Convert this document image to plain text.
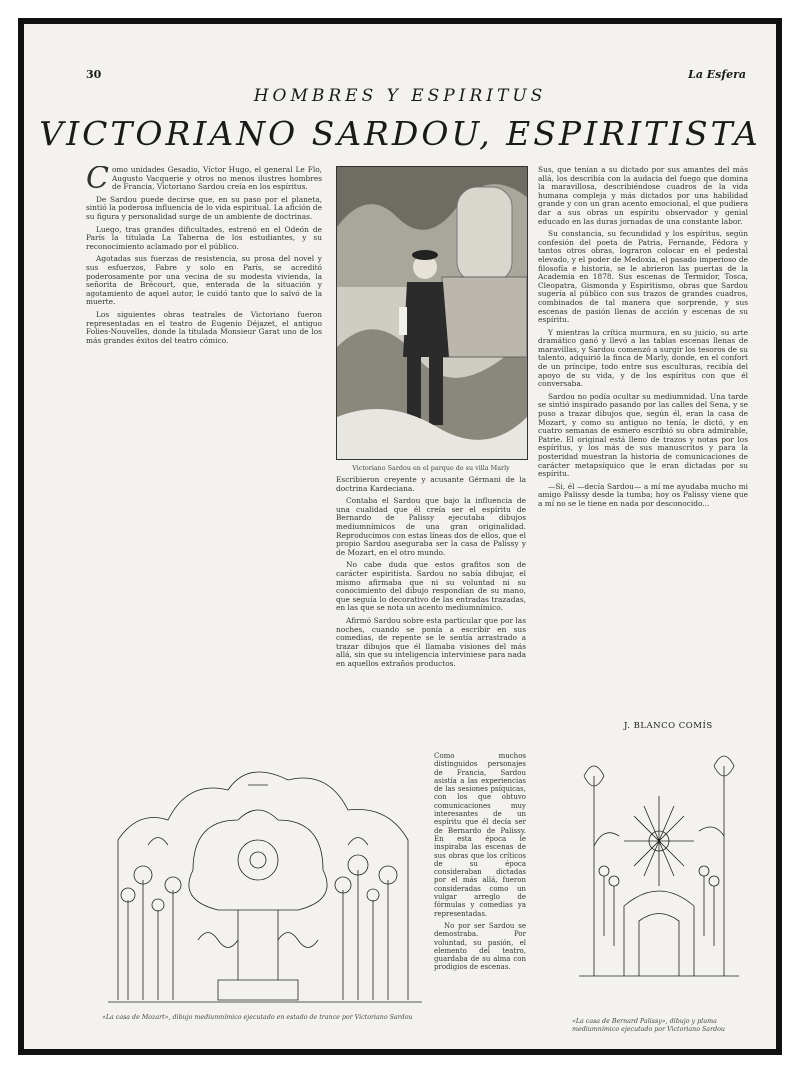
30	La Esfera
HOMBRES Y ESPIRITUS
VICTORIANO SARDOU, ESPIRITISTA

Como unidades Gesadio, Víctor Hugo, el general Le Flo, Augusto Vacquerie y otros no menos ilustres hombres de Francia, Victoriano Sardou creía en los espíritus.

De Sardou puede decirse que, en su paso por el planeta, sintió la poderosa influencia de lo vida espiritual. La afición de su figura y personalidad surge de un ambiente de doctrinas.

Luego, tras grandes dificultades, estrenó en el Odeón de París la titulada La Taberna de los estudiantes, y su reconocimiento aclamado por el público.

Agotadas sus fuerzas de resistencia, su prosa del novel y sus esfuerzos, Fabre y solo en París, se acreditó poderosamente por una vecina de su modesta vivienda, la señorita de Brécourt, que, enterada de la situación y agotamiento de aquel autor, le cuidó tanto que lo salvó de la muerte.

Los siguientes obras teatrales de Victoriano fueron representadas en el teatro de Eugenio Déjazet, el antiguo Folies-Nouvelles, donde la titulada Monsieur Garat uno de los más grandes éxitos del teatro cómico.

Victoriano Sardou en el parque de su villa Marly

Escribieron creyente y acusante Gérmani de la doctrina Kardeciana.

Contaba el Sardou que bajo la influencia de una cualidad que él creía ser el espíritu de Bernardo de Palissy ejecutaba dibujos mediumnímicos de una gran originalidad. Reproducimos con estas líneas dos de ellos, que el propio Sardou aseguraba ser la casa de Palissy y de Mozart, en el otro mundo.

No cabe duda que estos grafitos son de carácter espiritista. Sardou no sabía dibujar, el mismo afirmaba que ni su voluntad ni su conocimiento del dibujo respondían de su mano, que seguía lo decorativo de las entradas trazadas, en las que se nota un acento mediumnímico.

Afirmó Sardou sobre esta particular que por las noches, cuando se ponía a escribir en sus comedias, de repente se le sentía arrastrado a trazar dibujos que él llamaba visiones del más allá, sin que su inteligencia interviniese para nada en aquellos extraños productos.

Como muchos distinguidos personajes de Francia, Sardou asistía a las experiencias de las sesiones psíquicas, con los que obtuvo comunicaciones muy interesantes de un espíritu que él decía ser de Bernardo de Palissy. En esta época le inspiraba las escenas de sus obras que los críticos de su época consideraban dictadas por el más allá, fueron consideradas como un vulgar arreglo de fórmulas y comedias ya representadas.

No por ser Sardou se demostraba. Por voluntad, su pasión, el elemento del teatro, guardaba de su alma con prodigios de escenas.

Sus, que tenían a su dictado por sus amantes del más allá, los describía con la audacia del fuego que domina la maravillosa, describiéndose cuadros de la vida humana compleja y más dictados por una habilidad grande y con un gran acento emocional, el que pudiera dar a sus obras un espíritu observador y genial educado en las duras jornadas de una constante labor.

Su constancia, su fecundidad y los espíritus, según confesión del poeta de Patria, Fernande, Fédora y tantos otros obras, lograron colocar en el pedestal elevado, y el poder de Medoxia, el pasado imperioso de filosofía e historia, se le abrieron las puertas de la Academia en 1878. Sus escenas de Termidor, Tosca, Cleopatra, Gismonda y Espiritismo, obras que Sardou sugería al público con sus trazos de grandes cuadros, combinados de tal manera que sorprende, y sus escenas de pasión llenas de acción y escenas de su espíritu.

Y mientras la crítica murmura, en su juicio, su arte dramático ganó y llevó a las tablas escenas llenas de maravillas, y Sardou comenzó a surgir los tesoros de su talento, adquirió la finca de Marly, donde, en el confort de un príncipe, todo entre sus esculturas, recibía del apoyo de su vida, y de los espíritus con que él conversaba.

Sardou no podía ocultar su mediumnidad. Una tarde se sintió inspirado pasando por las calles del Sena, y se puso a trazar dibujos que, según él, eran la casa de Mozart, y como su antiguo no tenía, le dictó, y en cuatro semanas de esmero escribió su obra admirable, Patrie. El original está lleno de trazos y notas por los espíritus, y los más de sus manuscritos y para la posteridad muestran la historia de comunicaciones de carácter metapsíquico que le eran dictadas por su espíritu.

—Si, él —decía Sardou— a mí me ayudaba mucho mi amigo Palissy desde la tumba; hoy os Palissy viene que a mí no se le tiene en nada por desconocido...

J. BLANCO COMÍS
«La casa de Mozart», dibujo mediumnímico ejecutado en estado de trance por Victoriano Sardou
«La casa de Bernard Palissy», dibujo y pluma mediumnímico ejecutado por Victoriano Sardou
